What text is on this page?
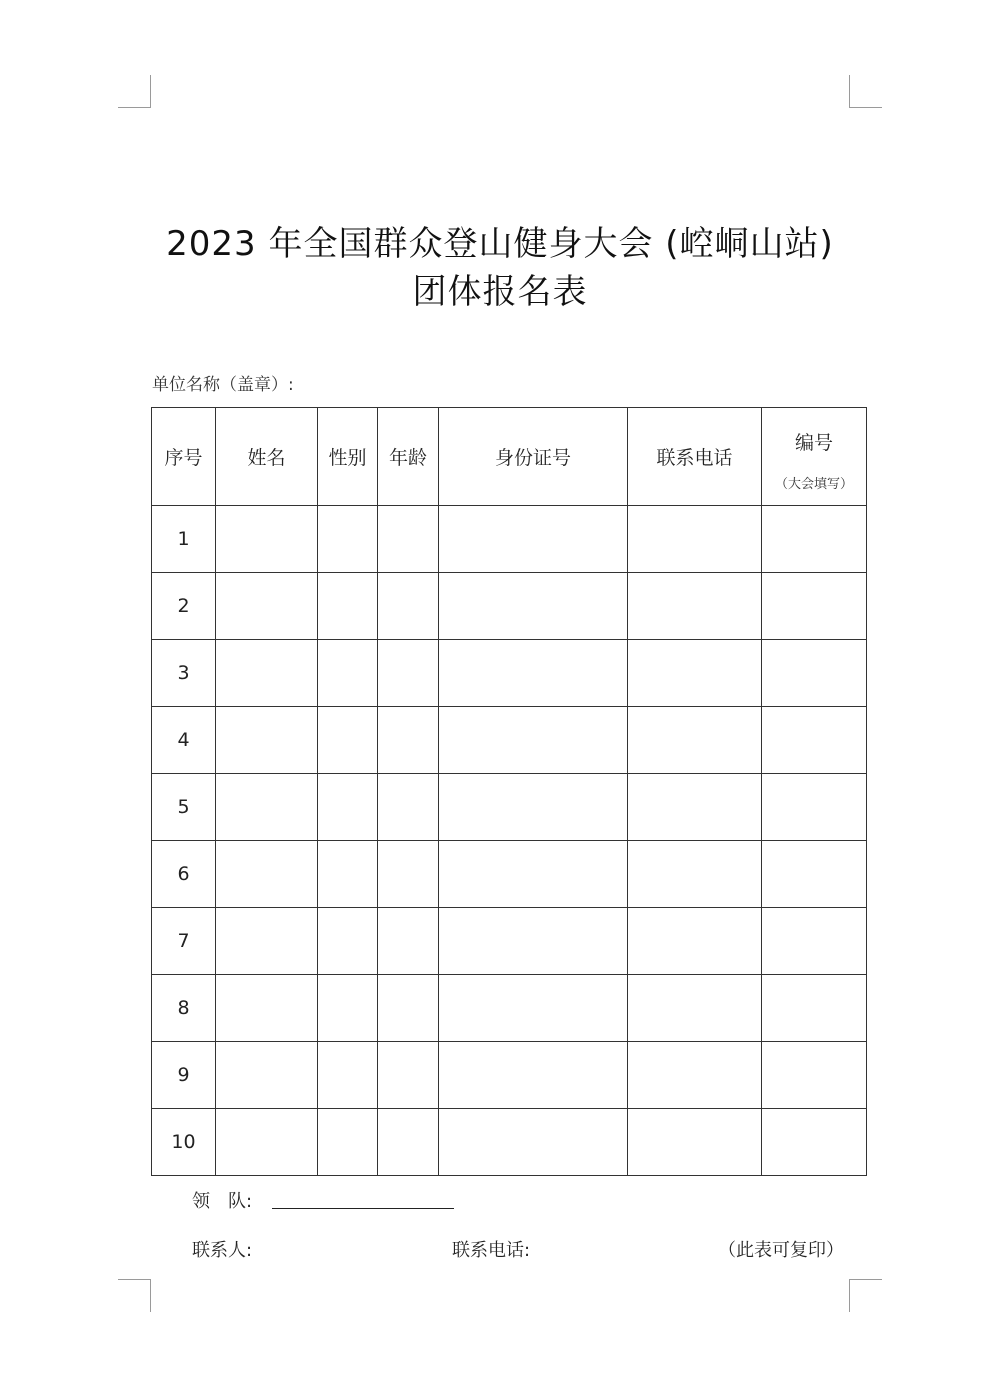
2023 年全国群众登山健身大会 (崆峒山站)
团体报名表
单位名称（盖章）:
序号	姓名	性别	年龄	身份证号	联系电话	编号
（大会填写）

1						
2						
3						
4						
5						
6						
7						
8						
9						
10						
领　队:
联系人:	联系电话:	（此表可复印）
